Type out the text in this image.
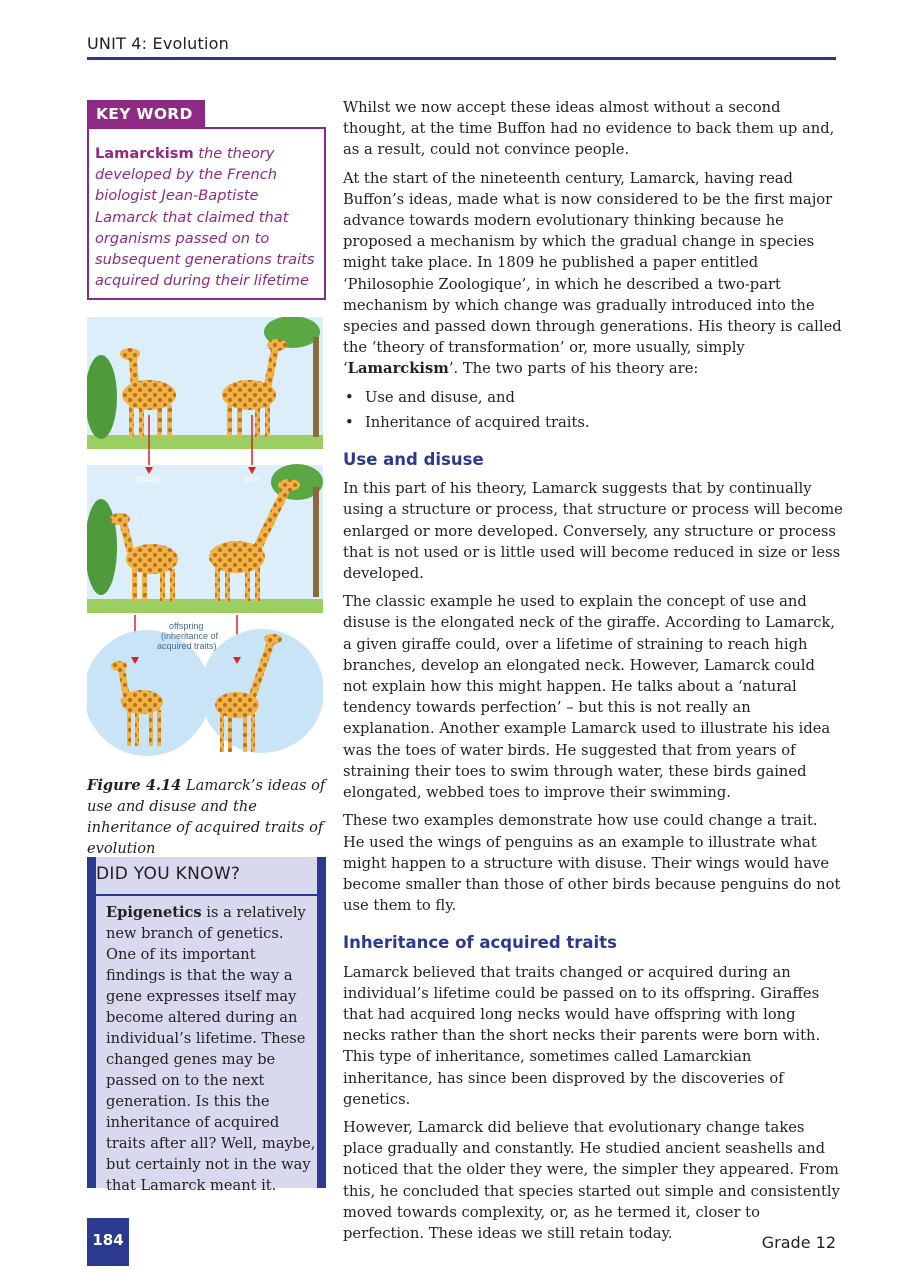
UNIT 4: Evolution
KEY WORD
Lamarckism the theory developed by the French biologist Jean-Baptiste Lamarck that claimed that organisms passed on to subsequent generations traits acquired during their lifetime
disuse	use
offspring
(inheritance of
acquired traits)
Figure 4.14 Lamarck’s ideas of use and disuse and the inheritance of acquired traits of evolution
DID YOU KNOW?
Epigenetics is a relatively new branch of genetics. One of its important findings is that the way a gene expresses itself may become altered during an individual’s lifetime. These changed genes may be passed on to the next generation. Is this the inheritance of acquired traits after all? Well, maybe, but certainly not in the way that Lamarck meant it.

Whilst we now accept these ideas almost without a second thought, at the time Buffon had no evidence to back them up and, as a result, could not convince people.

At the start of the nineteenth century, Lamarck, having read Buffon’s ideas, made what is now considered to be the first major advance towards modern evolutionary thinking because he proposed a mechanism by which the gradual change in species might take place. In 1809 he published a paper entitled ‘Philosophie Zoologique’, in which he described a two-part mechanism by which change was gradually introduced into the species and passed down through generations. His theory is called the ‘theory of transformation’ or, more usually, simply ‘Lamarckism’. The two parts of his theory are:

• Use and disuse, and
• Inheritance of acquired traits.
Use and disuse

In this part of his theory, Lamarck suggests that by continually using a structure or process, that structure or process will become enlarged or more developed. Conversely, any structure or process that is not used or is little used will become reduced in size or less developed.

The classic example he used to explain the concept of use and disuse is the elongated neck of the giraffe. According to Lamarck, a given giraffe could, over a lifetime of straining to reach high branches, develop an elongated neck. However, Lamarck could not explain how this might happen. He talks about a ‘natural tendency towards perfection’ – but this is not really an explanation. Another example Lamarck used to illustrate his idea was the toes of water birds. He suggested that from years of straining their toes to swim through water, these birds gained elongated, webbed toes to improve their swimming.

These two examples demonstrate how use could change a trait. He used the wings of penguins as an example to illustrate what might happen to a structure with disuse. Their wings would have become smaller than those of other birds because penguins do not use them to fly.

Inheritance of acquired traits

Lamarck believed that traits changed or acquired during an individual’s lifetime could be passed on to its offspring. Giraffes that had acquired long necks would have offspring with long necks rather than the short necks their parents were born with. This type of inheritance, sometimes called Lamarckian inheritance, has since been disproved by the discoveries of genetics.

However, Lamarck did believe that evolutionary change takes place gradually and constantly. He studied ancient seashells and noticed that the older they were, the simpler they appeared. From this, he concluded that species started out simple and consistently moved towards complexity, or, as he termed it, closer to perfection. These ideas we still retain today.

184	Grade 12
